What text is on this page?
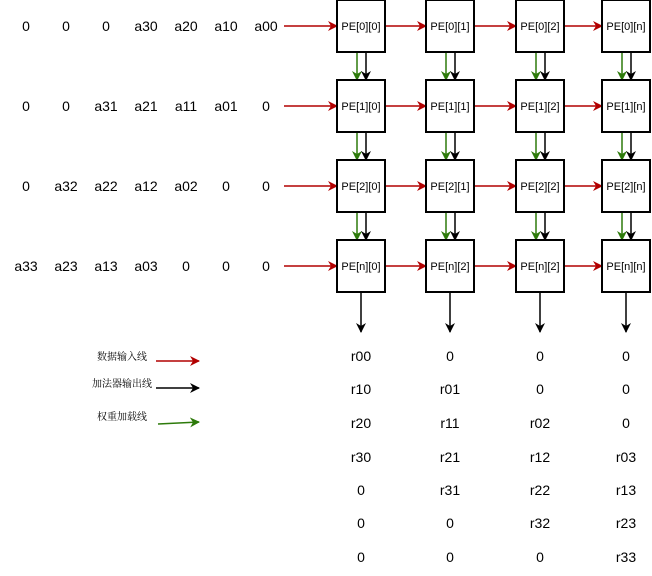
PE[0][0]	PE[0][1]	PE[0][2]	PE[0][n]
PE[1][0]	PE[1][1]	PE[1][2]	PE[1][n]
PE[2][0]	PE[2][1]	PE[2][2]	PE[2][n]
PE[n][0]	PE[n][2]	PE[n][2]	PE[n][n]
0 0 0 a30 a20 a10 a00
0 0 a31 a21 a11 a01 0
0 a32 a22 a12 a02 0 0
a33 a23 a13 a03 0 0 0
r00	0	0	0
r10	r01	0	0
r20	r11	r02	0
r30	r21	r12	r03
0	r31	r22	r13
0	0	r32	r23
0	0	0	r33
数据输入线
加法器输出线
权重加载线
